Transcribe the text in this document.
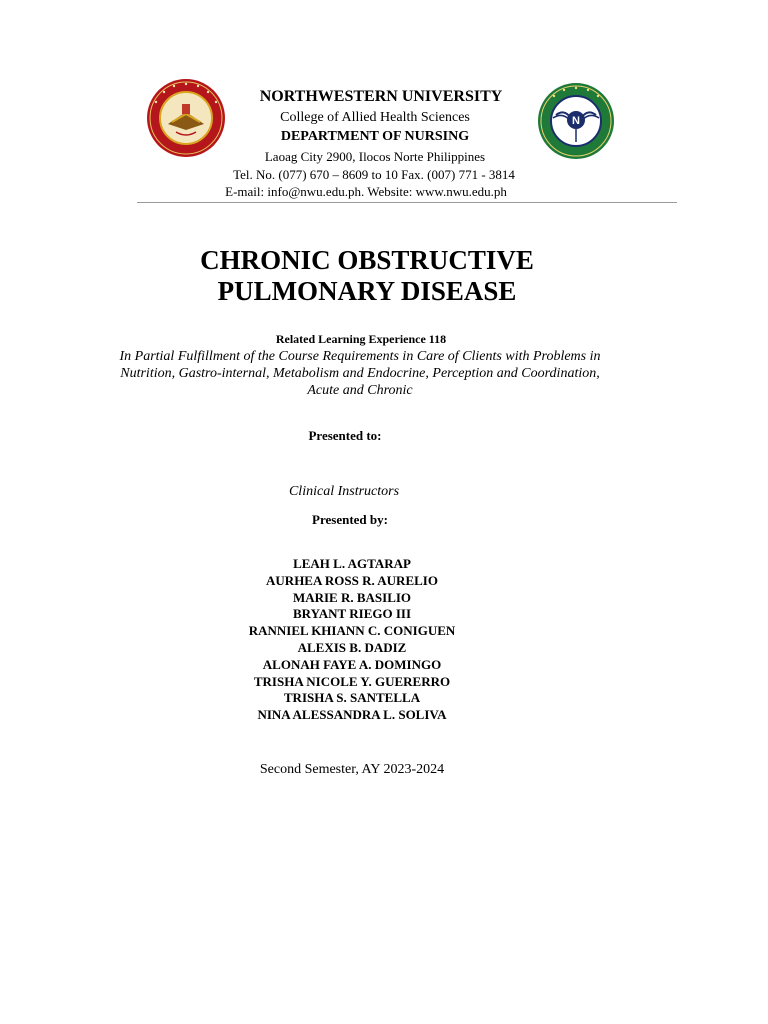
N
NORTHWESTERN UNIVERSITY
College of Allied Health Sciences
DEPARTMENT OF NURSING
Laoag City 2900, Ilocos Norte Philippines
Tel. No. (077) 670 – 8609 to 10 Fax. (007) 771 - 3814
E-mail: info@nwu.edu.ph. Website: www.nwu.edu.ph
CHRONIC OBSTRUCTIVE
PULMONARY DISEASE
Related Learning Experience 118
In Partial Fulfillment of the Course Requirements in Care of Clients with Problems in
Nutrition, Gastro-internal, Metabolism and Endocrine, Perception and Coordination,
Acute and Chronic
Presented to:
Clinical Instructors
Presented by:
LEAH L. AGTARAP
AURHEA ROSS R. AURELIO
MARIE R. BASILIO
BRYANT RIEGO III
RANNIEL KHIANN C. CONIGUEN
ALEXIS B. DADIZ
ALONAH FAYE A. DOMINGO
TRISHA NICOLE Y. GUERERRO
TRISHA S. SANTELLA
NINA ALESSANDRA L. SOLIVA
Second Semester, AY 2023-2024
